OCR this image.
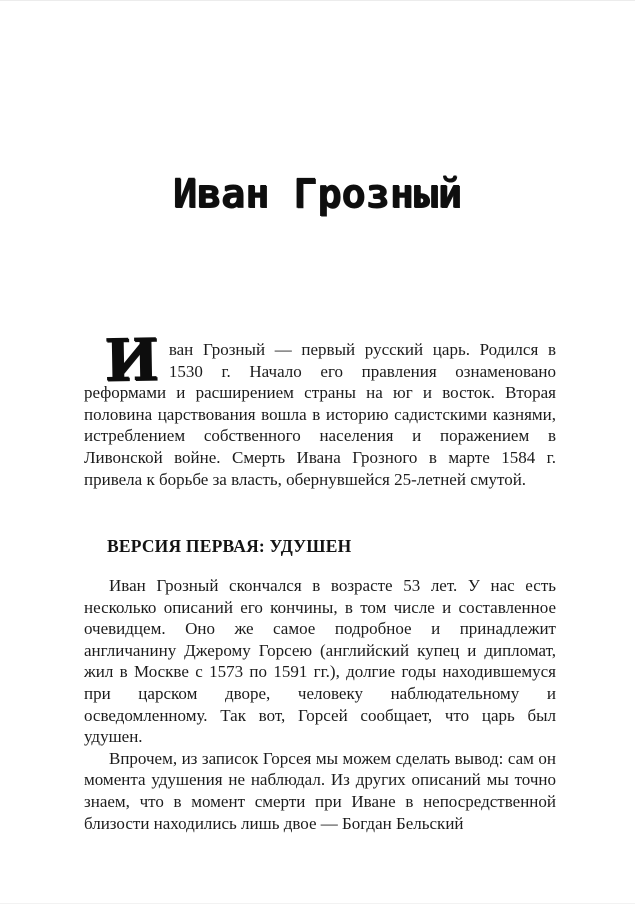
Иван Грозный
Иван Грозный — первый русский царь. Родился в 1530 г. Начало его правления ознаменовано реформами и расширением страны на юг и восток. Вторая половина царствования вошла в историю садистскими казнями, истреблением собственного населения и поражением в Ливонской войне. Смерть Ивана Грозного в марте 1584 г. привела к борьбе за власть, обернувшейся 25-летней смутой.
ВЕРСИЯ ПЕРВАЯ: УДУШЕН

Иван Грозный скончался в возрасте 53 лет. У нас есть несколько описаний его кончины, в том числе и составленное очевидцем. Оно же самое подробное и принадлежит англичанину Джерому Горсею (английский купец и дипломат, жил в Москве с 1573 по 1591 гг.), долгие годы находившемуся при царском дворе, человеку наблюдательному и осведомленному. Так вот, Горсей сообщает, что царь был удушен.

Впрочем, из записок Горсея мы можем сделать вывод: сам он момента удушения не наблюдал. Из других описаний мы точно знаем, что в момент смерти при Иване в непосредственной близости находились лишь двое — Богдан Бельский
